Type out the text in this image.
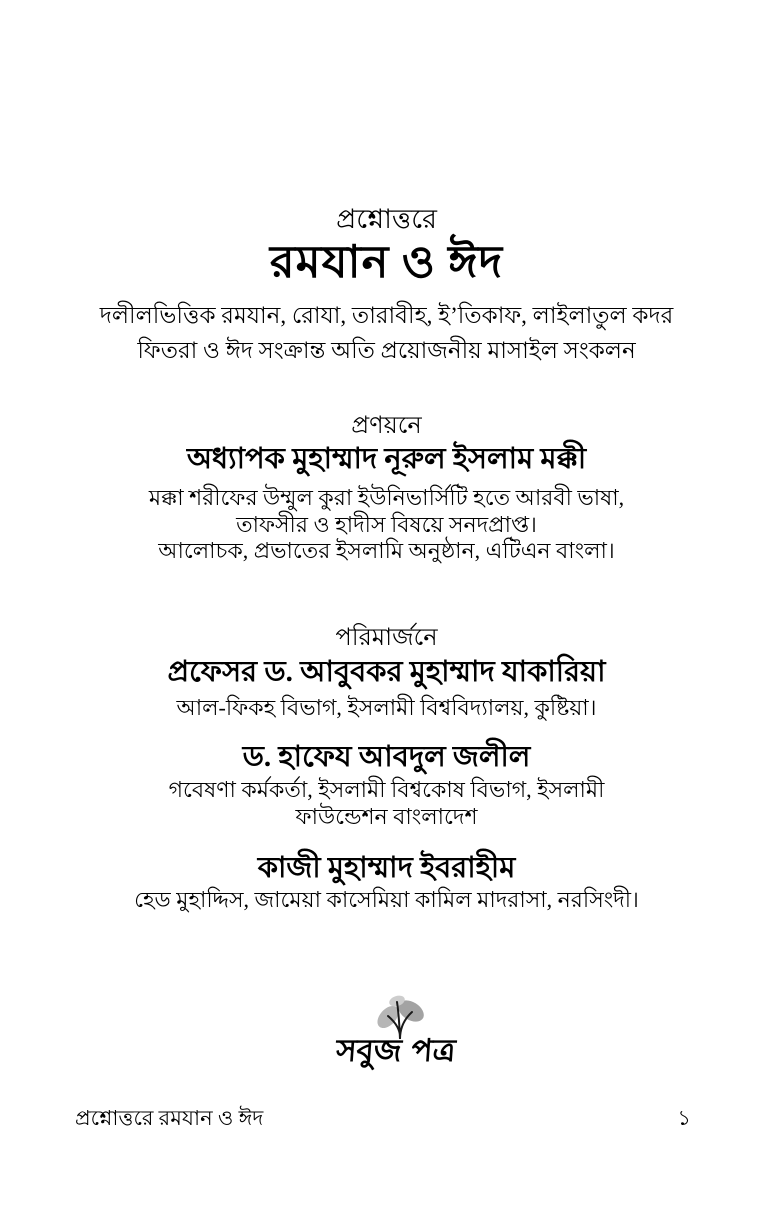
প্রশ্নোত্তরে
রমযান ও ঈদ
দলীলভিত্তিক রমযান, রোযা, তারাবীহ, ই’তিকাফ, লাইলাতুল কদর
ফিতরা ও ঈদ সংক্রান্ত অতি প্রয়োজনীয় মাসাইল সংকলন
প্রণয়নে
অধ্যাপক মুহাম্মাদ নূরুল ইসলাম মক্কী
মক্কা শরীফের উম্মুল কুরা ইউনিভার্সিটি হতে আরবী ভাষা,
তাফসীর ও হাদীস বিষয়ে সনদপ্রাপ্ত।
আলোচক, প্রভাতের ইসলামি অনুষ্ঠান, এটিএন বাংলা।
পরিমার্জনে
প্রফেসর ড. আবুবকর মুহাম্মাদ যাকারিয়া
আল-ফিকহ বিভাগ, ইসলামী বিশ্ববিদ্যালয়, কুষ্টিয়া।
ড. হাফেয আবদুল জলীল
গবেষণা কর্মকর্তা, ইসলামী বিশ্বকোষ বিভাগ, ইসলামী
ফাউন্ডেশন বাংলাদেশ
কাজী মুহাম্মাদ ইবরাহীম
হেড মুহাদ্দিস, জামেয়া কাসেমিয়া কামিল মাদরাসা, নরসিংদী।
সবুজ পত্র
প্রশ্নোত্তরে রমযান ও ঈদ	১
